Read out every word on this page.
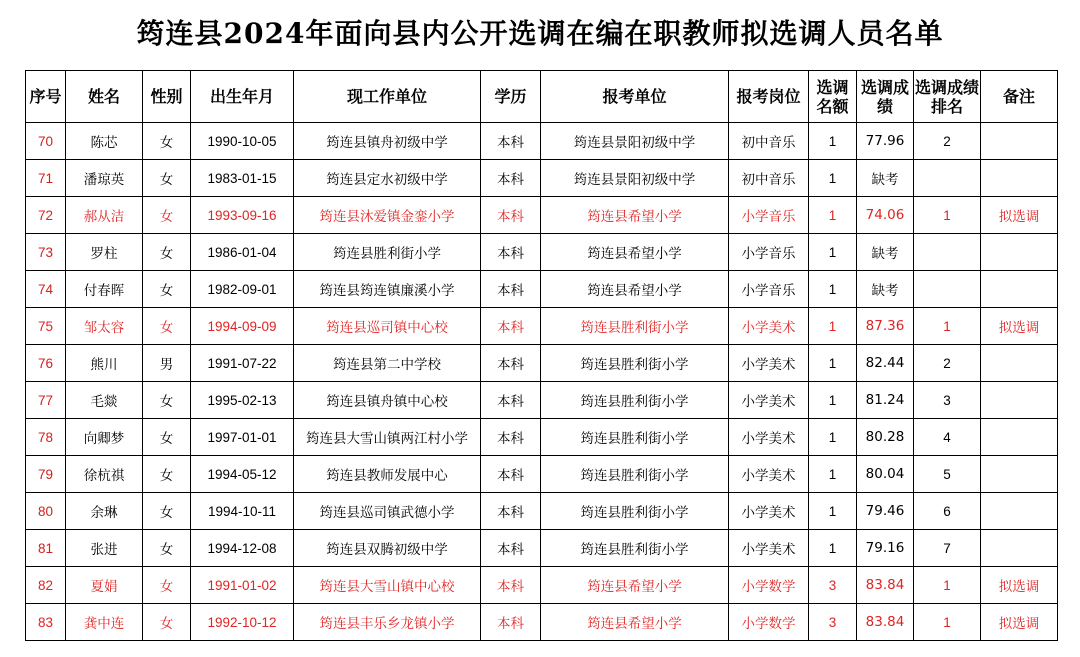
筠连县2024年面向县内公开选调在编在职教师拟选调人员名单
序号	姓名	性别	出生年月	现工作单位	学历	报考单位	报考岗位	选调名额	选调成绩	选调成绩排名	备注
70	陈芯	女	1990-10-05	筠连县镇舟初级中学	本科	筠连县景阳初级中学	初中音乐	1	77.96	2	
71	潘琼英	女	1983-01-15	筠连县定水初级中学	本科	筠连县景阳初级中学	初中音乐	1	缺考		
72	郝从洁	女	1993-09-16	筠连县沐爱镇金銮小学	本科	筠连县希望小学	小学音乐	1	74.06	1	拟选调
73	罗柱	女	1986-01-04	筠连县胜利街小学	本科	筠连县希望小学	小学音乐	1	缺考		
74	付春晖	女	1982-09-01	筠连县筠连镇廉溪小学	本科	筠连县希望小学	小学音乐	1	缺考		
75	邹太容	女	1994-09-09	筠连县巡司镇中心校	本科	筠连县胜利街小学	小学美术	1	87.36	1	拟选调
76	熊川	男	1991-07-22	筠连县第二中学校	本科	筠连县胜利街小学	小学美术	1	82.44	2	
77	毛燚	女	1995-02-13	筠连县镇舟镇中心校	本科	筠连县胜利街小学	小学美术	1	81.24	3	
78	向卿梦	女	1997-01-01	筠连县大雪山镇两江村小学	本科	筠连县胜利街小学	小学美术	1	80.28	4	
79	徐杭祺	女	1994-05-12	筠连县教师发展中心	本科	筠连县胜利街小学	小学美术	1	80.04	5	
80	余琳	女	1994-10-11	筠连县巡司镇武德小学	本科	筠连县胜利街小学	小学美术	1	79.46	6	
81	张进	女	1994-12-08	筠连县双腾初级中学	本科	筠连县胜利街小学	小学美术	1	79.16	7	
82	夏娟	女	1991-01-02	筠连县大雪山镇中心校	本科	筠连县希望小学	小学数学	3	83.84	1	拟选调
83	龚中连	女	1992-10-12	筠连县丰乐乡龙镇小学	本科	筠连县希望小学	小学数学	3	83.84	1	拟选调
